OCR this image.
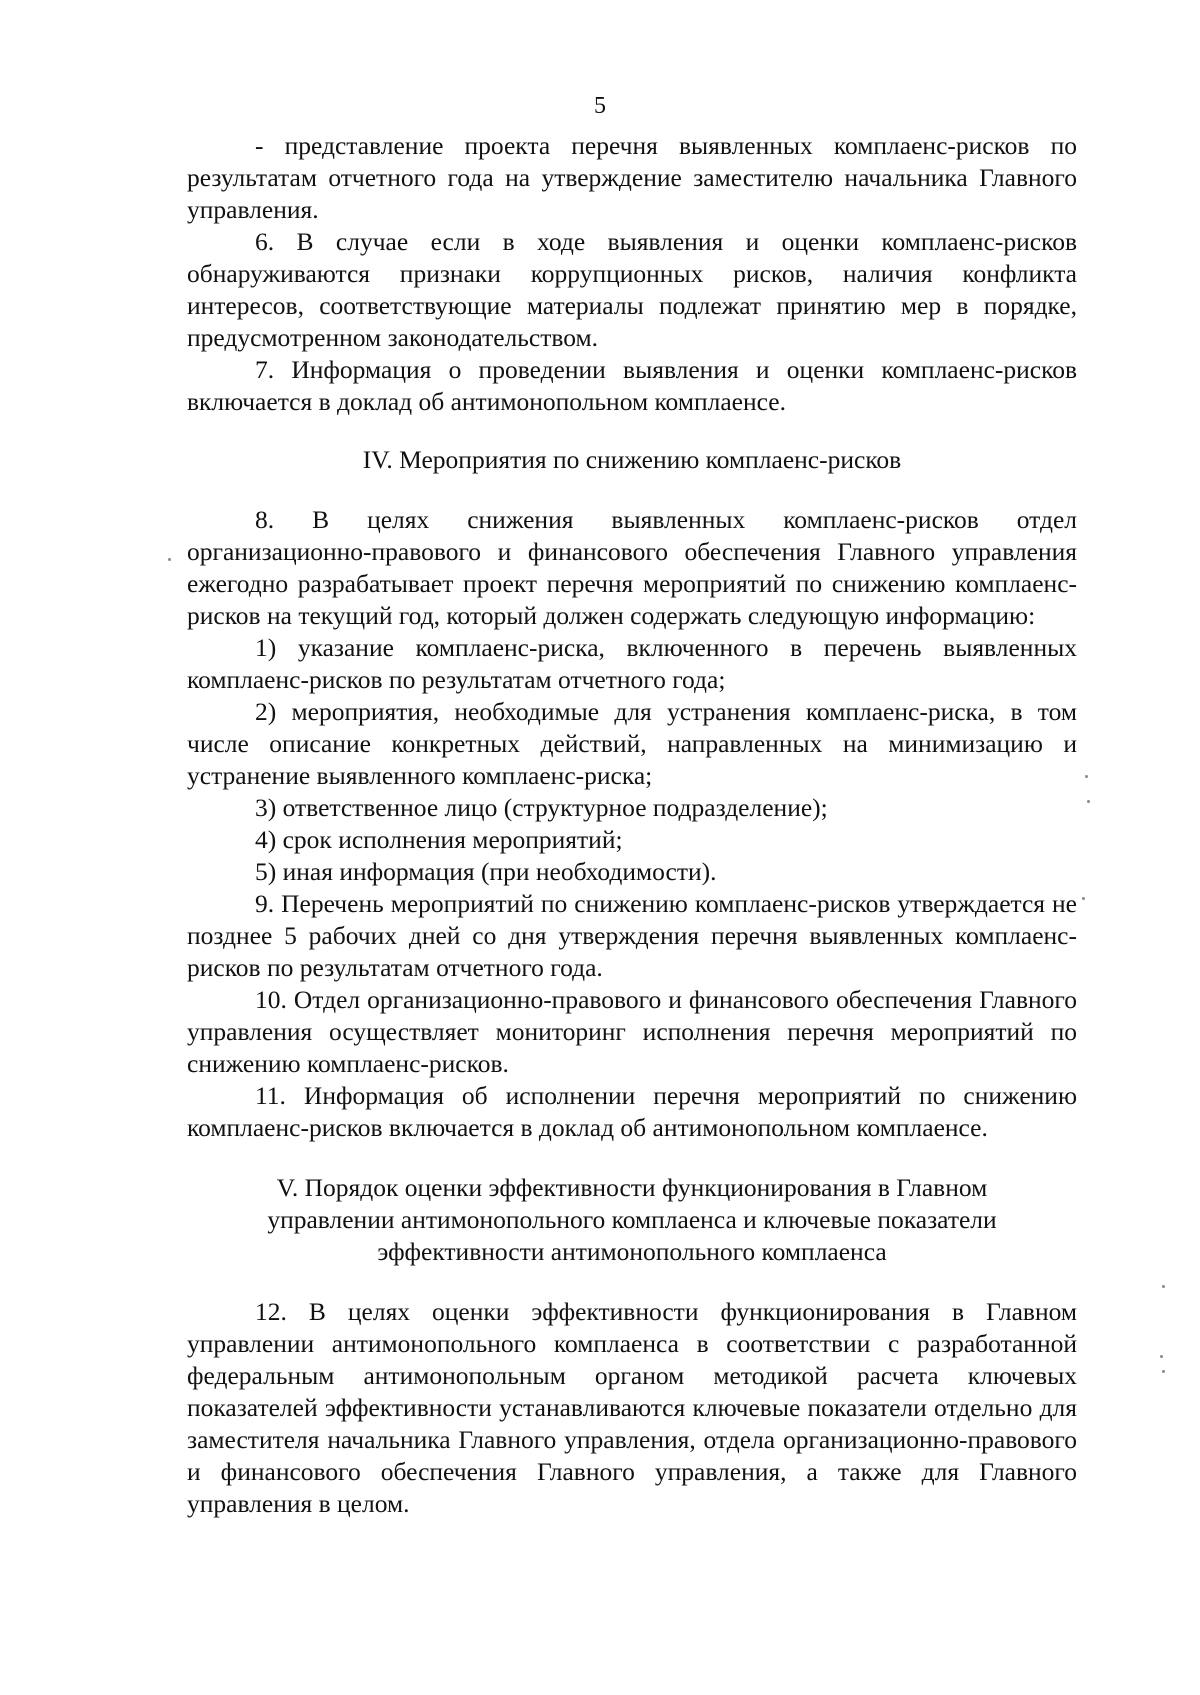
5

- представление проекта перечня выявленных комплаенс-рисков по результатам отчетного года на утверждение заместителю начальника Главного управления.

6. В случае если в ходе выявления и оценки комплаенс-рисков обнаруживаются признаки коррупционных рисков, наличия конфликта интересов, соответствующие материалы подлежат принятию мер в порядке, предусмотренном законодательством.

7. Информация о проведении выявления и оценки комплаенс-рисков включается в доклад об антимонопольном комплаенсе.

IV. Мероприятия по снижению комплаенс-рисков

8. В целях снижения выявленных комплаенс-рисков отдел организационно-правового и финансового обеспечения Главного управления ежегодно разрабатывает проект перечня мероприятий по снижению комплаенс-рисков на текущий год, который должен содержать следующую информацию:

1) указание комплаенс-риска, включенного в перечень выявленных комплаенс-рисков по результатам отчетного года;

2) мероприятия, необходимые для устранения комплаенс-риска, в том числе описание конкретных действий, направленных на минимизацию и устранение выявленного комплаенс-риска;

3) ответственное лицо (структурное подразделение);

4) срок исполнения мероприятий;

5) иная информация (при необходимости).

9. Перечень мероприятий по снижению комплаенс-рисков утверждается не позднее 5 рабочих дней со дня утверждения перечня выявленных комплаенс-рисков по результатам отчетного года.

10. Отдел организационно-правового и финансового обеспечения Главного управления осуществляет мониторинг исполнения перечня мероприятий по снижению комплаенс-рисков.

11. Информация об исполнении перечня мероприятий по снижению комплаенс-рисков включается в доклад об антимонопольном комплаенсе.

V. Порядок оценки эффективности функционирования в Главном управлении антимонопольного комплаенса и ключевые показатели эффективности антимонопольного комплаенса

12. В целях оценки эффективности функционирования в Главном управлении антимонопольного комплаенса в соответствии с разработанной федеральным антимонопольным органом методикой расчета ключевых показателей эффективности устанавливаются ключевые показатели отдельно для заместителя начальника Главного управления, отдела организационно-правового и финансового обеспечения Главного управления, а также для Главного управления в целом.
